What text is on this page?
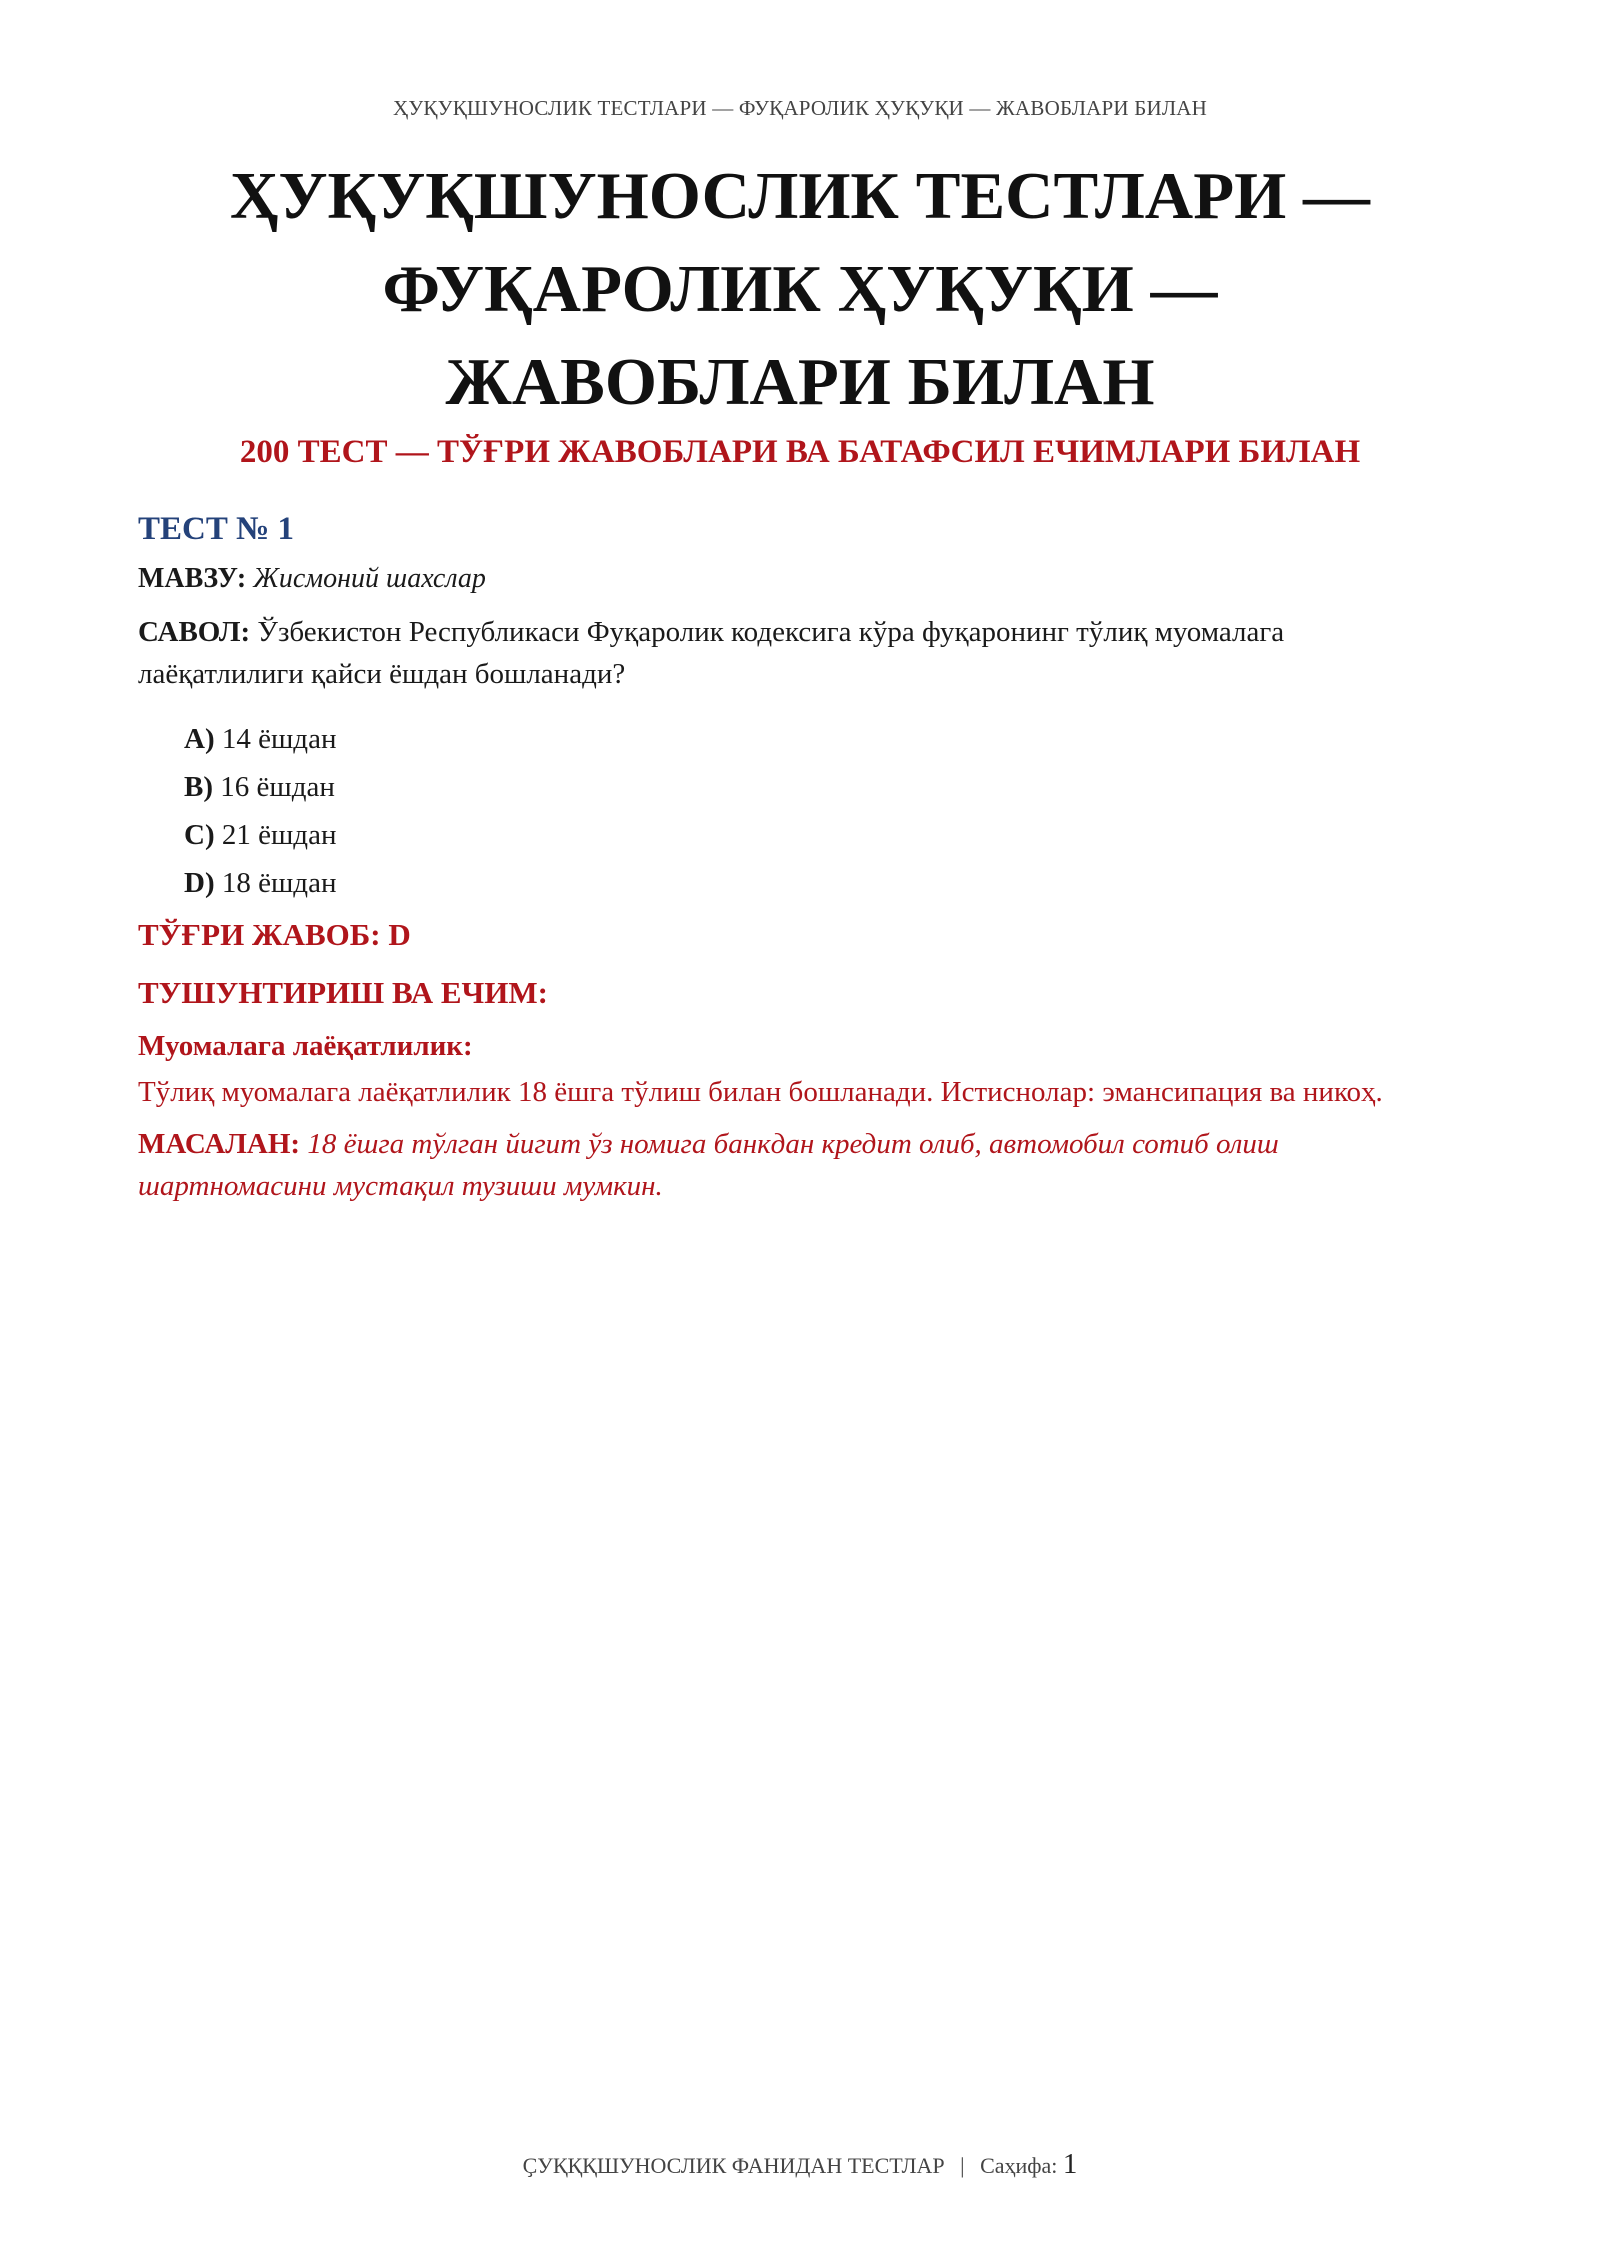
ҲУҚУҚШУНОСЛИК ТЕСТЛАРИ — ФУҚАРОЛИК ҲУҚУҚИ — ЖАВОБЛАРИ БИЛАН
ҲУҚУҚШУНОСЛИК ТЕСТЛАРИ —
ФУҚАРОЛИК ҲУҚУҚИ —
ЖАВОБЛАРИ БИЛАН
200 ТЕСТ — ТЎҒРИ ЖАВОБЛАРИ ВА БАТАФСИЛ ЕЧИМЛАРИ БИЛАН
ТЕСТ № 1
МАВЗУ: Жисмоний шахслар
САВОЛ: Ўзбекистон Республикаси Фуқаролик кодексига кўра фуқаронинг тўлиқ муомалага лаёқатлилиги қайси ёшдан бошланади?
A) 14 ёшдан
B) 16 ёшдан
C) 21 ёшдан
D) 18 ёшдан
ТЎҒРИ ЖАВОБ: D
ТУШУНТИРИШ ВА ЕЧИМ:
Муомалага лаёқатлилик:
Тўлиқ муомалага лаёқатлилик 18 ёшга тўлиш билан бошланади. Истиснолар: эмансипация ва никоҳ.
МАСАЛАН: 18 ёшга тўлган йигит ўз номига банкдан кредит олиб, автомобил сотиб олиш шартномасини мустақил тузиши мумкин.
ҪУҚҚҚШУНОСЛИК ФАНИДАН ТЕСТЛАР | Саҳифа: 1
